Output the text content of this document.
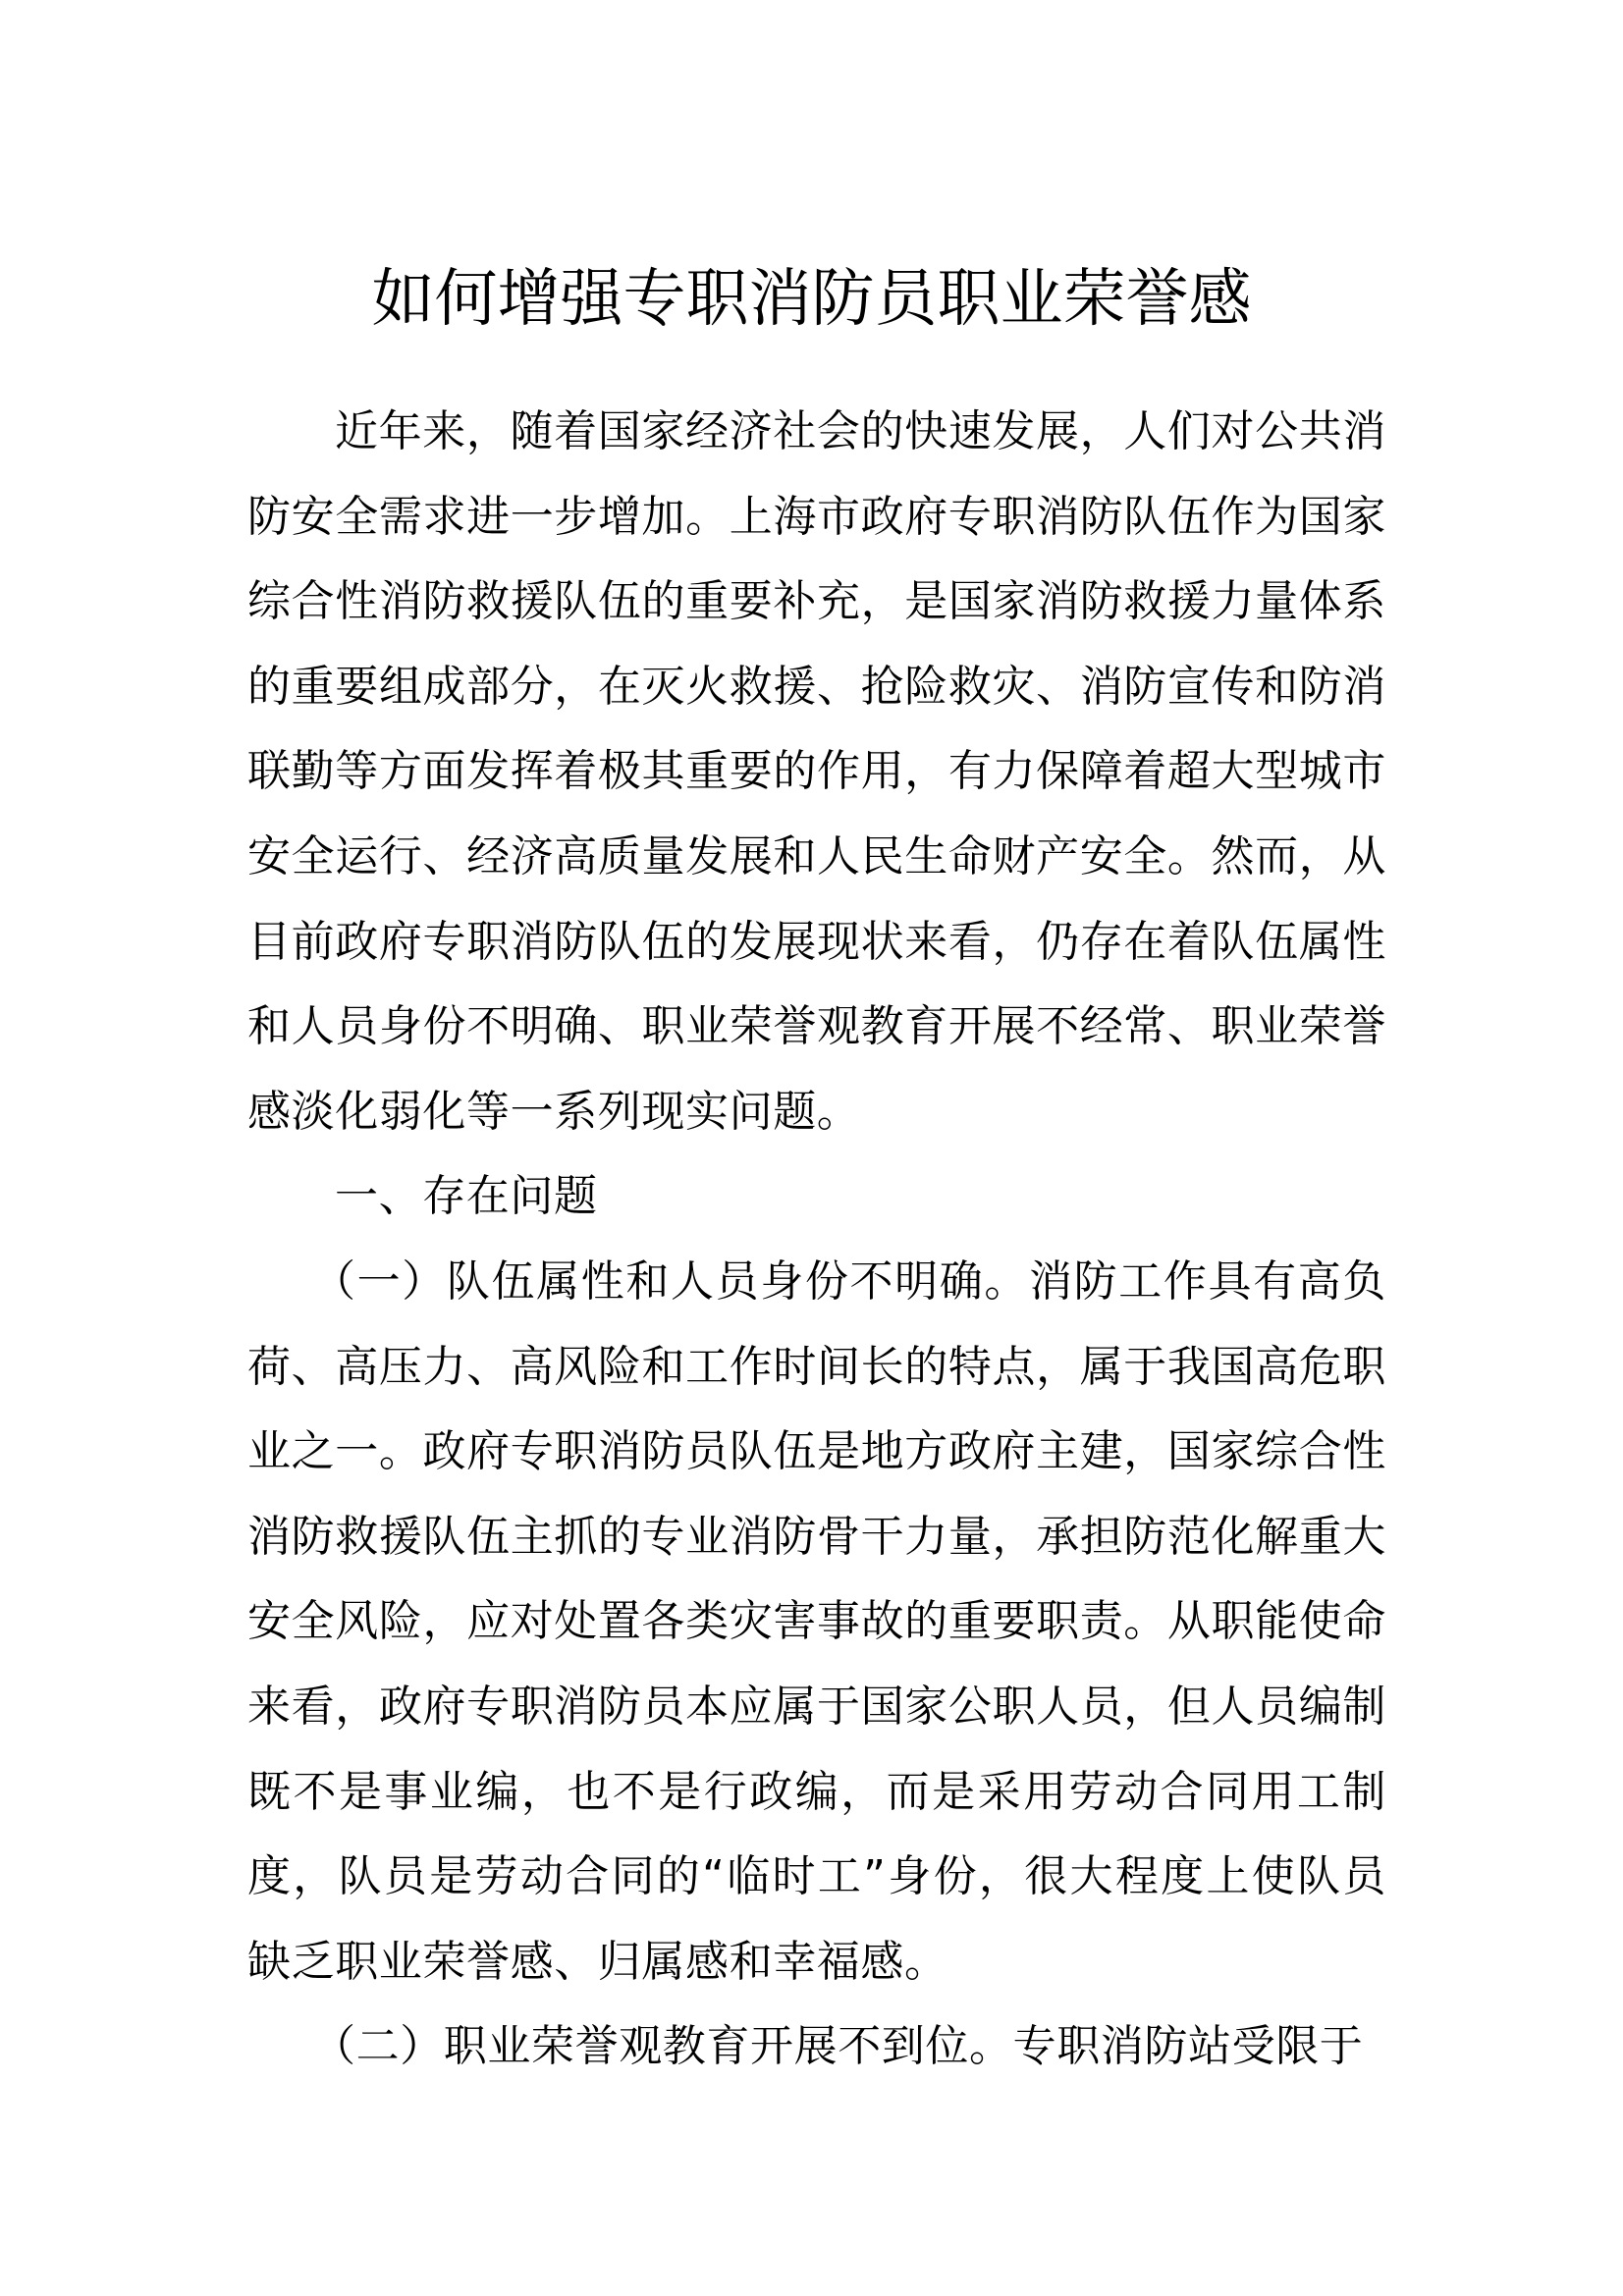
如何增强专职消防员职业荣誉感

近年来，随着国家经济社会的快速发展，人们对公共消防安全需求进一步增加。上海市政府专职消防队伍作为国家综合性消防救援队伍的重要补充，是国家消防救援力量体系的重要组成部分，在灭火救援、抢险救灾、消防宣传和防消联勤等方面发挥着极其重要的作用，有力保障着超大型城市安全运行、经济高质量发展和人民生命财产安全。然而，从目前政府专职消防队伍的发展现状来看，仍存在着队伍属性和人员身份不明确、职业荣誉观教育开展不经常、职业荣誉感淡化弱化等一系列现实问题。

一、存在问题

（一）队伍属性和人员身份不明确。消防工作具有高负荷、高压力、高风险和工作时间长的特点，属于我国高危职业之一。政府专职消防员队伍是地方政府主建，国家综合性消防救援队伍主抓的专业消防骨干力量，承担防范化解重大安全风险，应对处置各类灾害事故的重要职责。从职能使命来看，政府专职消防员本应属于国家公职人员，但人员编制既不是事业编，也不是行政编，而是采用劳动合同用工制度，队员是劳动合同的“临时工”身份，很大程度上使队员缺乏职业荣誉感、归属感和幸福感。

（二）职业荣誉观教育开展不到位。专职消防站受限于
